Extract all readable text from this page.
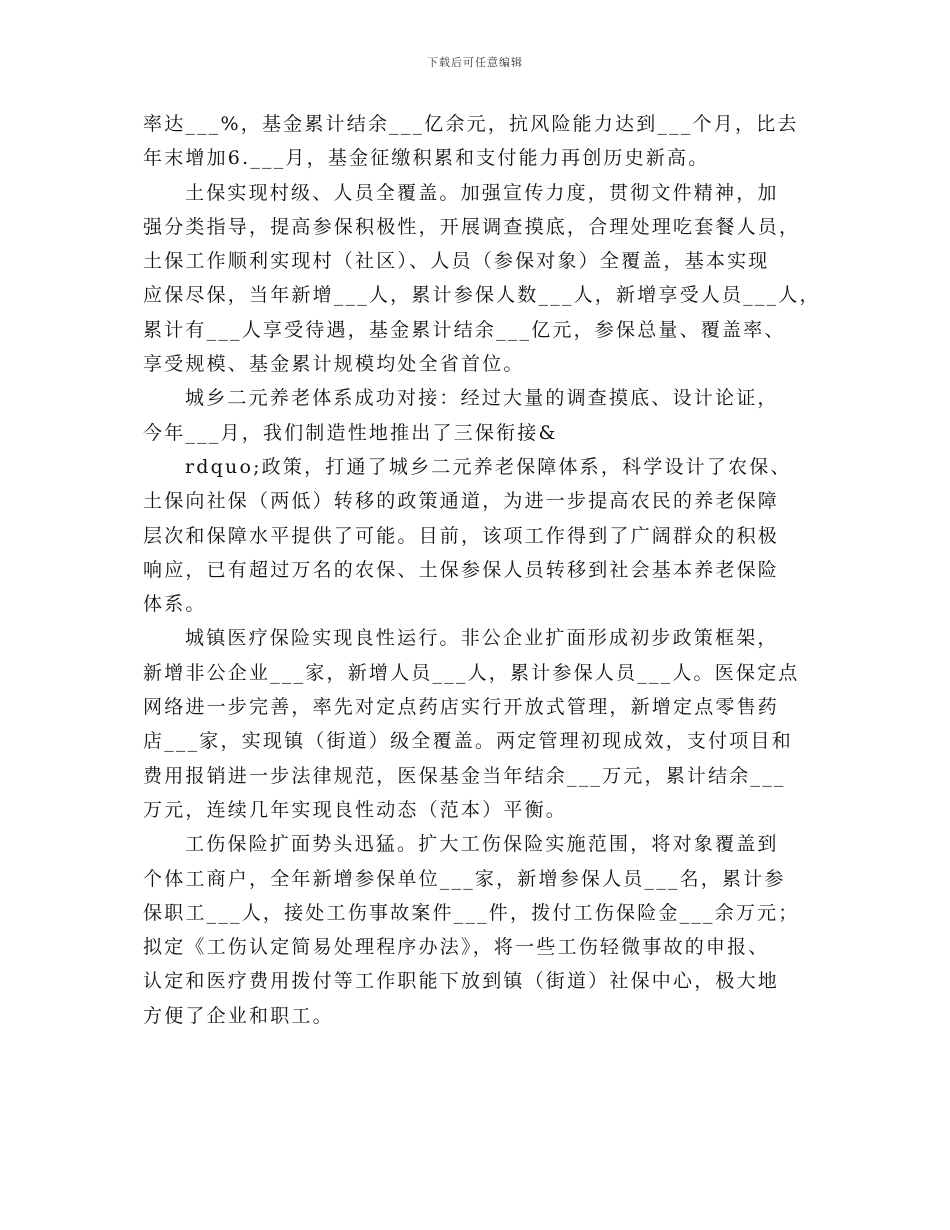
下载后可任意编辑
率达___%，基金累计结余___亿余元，抗风险能力达到___个月，比去
年末增加6.___月，基金征缴积累和支付能力再创历史新高。
土保实现村级、人员全覆盖。加强宣传力度，贯彻文件精神，加
强分类指导，提高参保积极性，开展调查摸底，合理处理吃套餐人员，
土保工作顺利实现村（社区）、人员（参保对象）全覆盖，基本实现
应保尽保，当年新增___人，累计参保人数___人，新增享受人员___人，
累计有___人享受待遇，基金累计结余___亿元，参保总量、覆盖率、
享受规模、基金累计规模均处全省首位。
城乡二元养老体系成功对接：经过大量的调查摸底、设计论证，
今年___月，我们制造性地推出了三保衔接&
rdquo;政策，打通了城乡二元养老保障体系，科学设计了农保、
土保向社保（两低）转移的政策通道，为进一步提高农民的养老保障
层次和保障水平提供了可能。目前，该项工作得到了广阔群众的积极
响应，已有超过万名的农保、土保参保人员转移到社会基本养老保险
体系。
城镇医疗保险实现良性运行。非公企业扩面形成初步政策框架，
新增非公企业___家，新增人员___人，累计参保人员___人。医保定点
网络进一步完善，率先对定点药店实行开放式管理，新增定点零售药
店___家，实现镇（街道）级全覆盖。两定管理初现成效，支付项目和
费用报销进一步法律规范，医保基金当年结余___万元，累计结余___
万元，连续几年实现良性动态（范本）平衡。
工伤保险扩面势头迅猛。扩大工伤保险实施范围，将对象覆盖到
个体工商户，全年新增参保单位___家，新增参保人员___名，累计参
保职工___人，接处工伤事故案件___件，拨付工伤保险金___余万元；
拟定《工伤认定简易处理程序办法》，将一些工伤轻微事故的申报、
认定和医疗费用拨付等工作职能下放到镇（街道）社保中心，极大地
方便了企业和职工。
